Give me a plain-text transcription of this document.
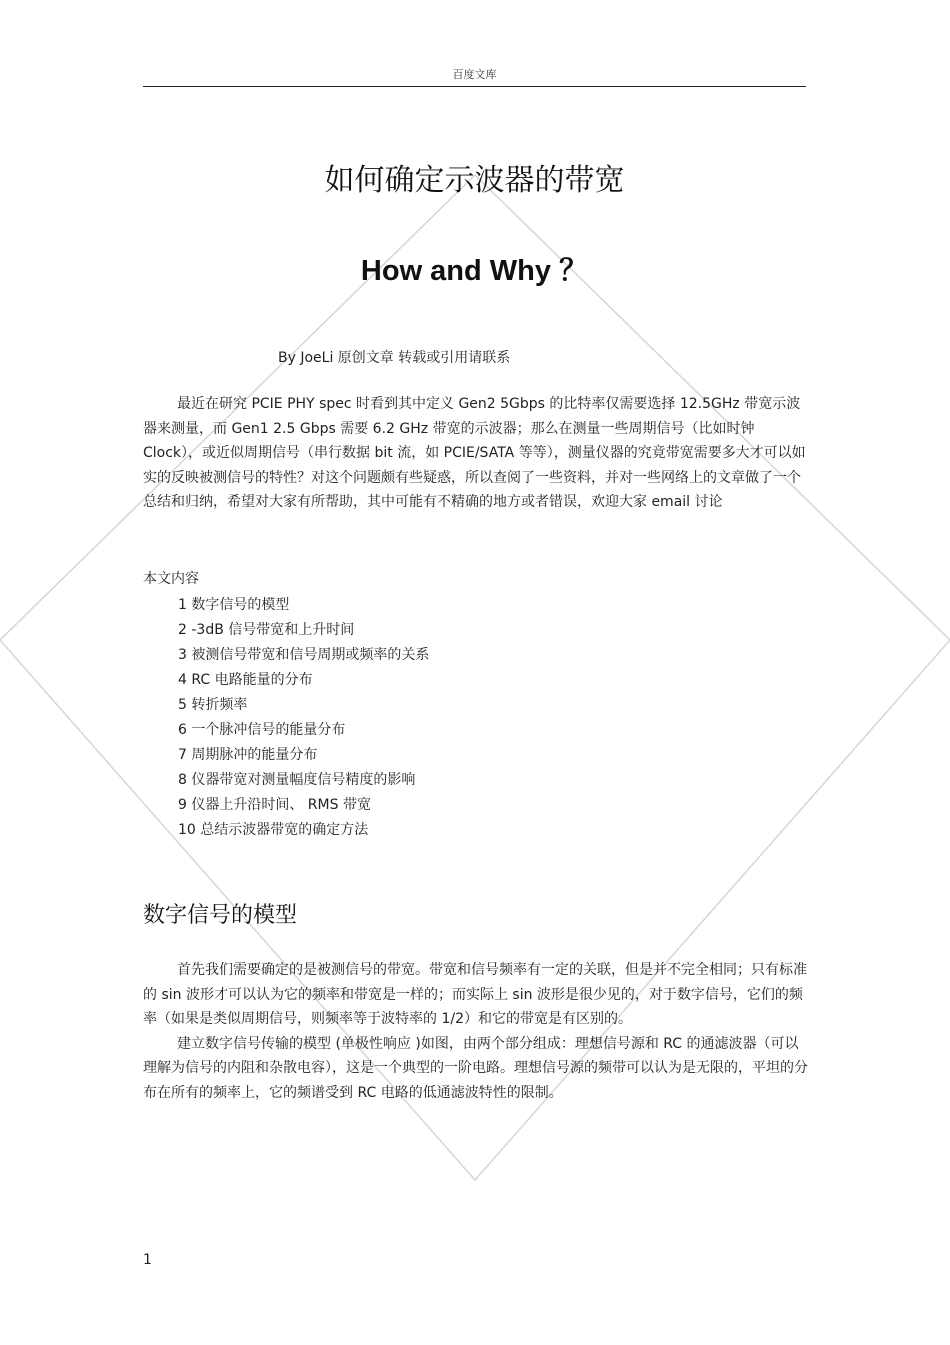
百度文库
如何确定示波器的带宽
How and Why ？
By JoeLi 原创文章 转载或引用请联系

最近在研究 PCIE PHY spec 时看到其中定义 Gen2 5Gbps 的比特率仅需要选择 12.5GHz 带宽示波器来测量，而 Gen1 2.5 Gbps 需要 6.2 GHz 带宽的示波器；那么在测量一些周期信号（比如时钟 Clock），或近似周期信号（串行数据 bit 流，如 PCIE/SATA 等等），测量仪器的究竟带宽需要多大才可以如实的反映被测信号的特性？对这个问题颇有些疑惑，所以查阅了一些资料，并对一些网络上的文章做了一个总结和归纳，希望对大家有所帮助，其中可能有不精确的地方或者错误，欢迎大家 email 讨论

本文内容
1 数字信号的模型
2 -3dB 信号带宽和上升时间
3 被测信号带宽和信号周期或频率的关系
4 RC 电路能量的分布
5 转折频率
6 一个脉冲信号的能量分布
7 周期脉冲的能量分布
8 仪器带宽对测量幅度信号精度的影响
9 仪器上升沿时间、 RMS 带宽
10 总结示波器带宽的确定方法
数字信号的模型

首先我们需要确定的是被测信号的带宽。带宽和信号频率有一定的关联，但是并不完全相同；只有标准的 sin 波形才可以认为它的频率和带宽是一样的；而实际上 sin 波形是很少见的，对于数字信号，它们的频率（如果是类似周期信号，则频率等于波特率的 1/2）和它的带宽是有区别的。

建立数字信号传输的模型 (单极性响应 )如图，由两个部分组成：理想信号源和 RC 的通滤波器（可以理解为信号的内阻和杂散电容），这是一个典型的一阶电路。理想信号源的频带可以认为是无限的，平坦的分布在所有的频率上，它的频谱受到 RC 电路的低通滤波特性的限制。

1
